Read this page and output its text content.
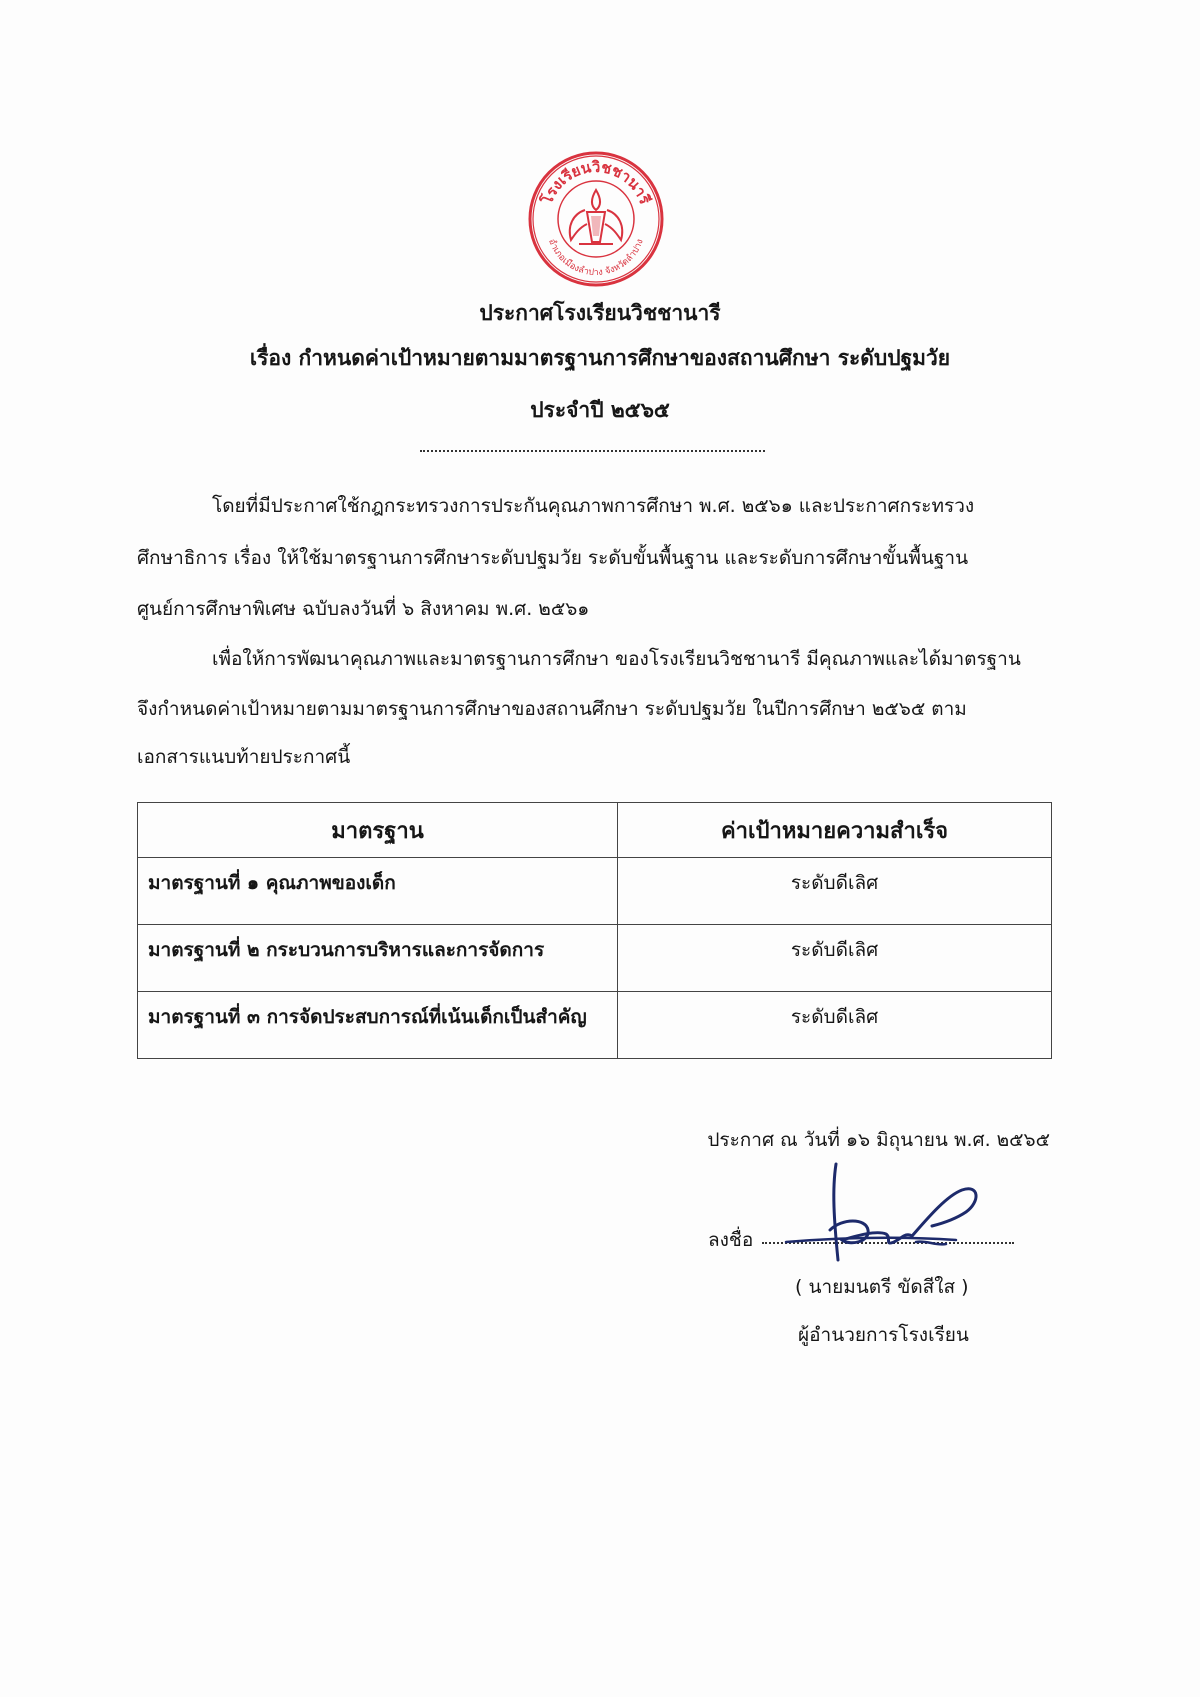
โรงเรียนวิชชานารี
อำเภอเมืองลำปาง จังหวัดลำปาง
ประกาศโรงเรียนวิชชานารี
เรื่อง กำหนดค่าเป้าหมายตามมาตรฐานการศึกษาของสถานศึกษา ระดับปฐมวัย
ประจำปี ๒๕๖๕
โดยที่มีประกาศใช้กฎกระทรวงการประกันคุณภาพการศึกษา พ.ศ. ๒๕๖๑ และประกาศกระทรวง
ศึกษาธิการ เรื่อง ให้ใช้มาตรฐานการศึกษาระดับปฐมวัย ระดับขั้นพื้นฐาน และระดับการศึกษาขั้นพื้นฐาน
ศูนย์การศึกษาพิเศษ ฉบับลงวันที่ ๖ สิงหาคม พ.ศ. ๒๕๖๑
เพื่อให้การพัฒนาคุณภาพและมาตรฐานการศึกษา ของโรงเรียนวิชชานารี มีคุณภาพและได้มาตรฐาน
จึงกำหนดค่าเป้าหมายตามมาตรฐานการศึกษาของสถานศึกษา ระดับปฐมวัย ในปีการศึกษา ๒๕๖๕ ตาม
เอกสารแนบท้ายประกาศนี้
มาตรฐาน	ค่าเป้าหมายความสำเร็จ
มาตรฐานที่ ๑ คุณภาพของเด็ก	ระดับดีเลิศ
มาตรฐานที่ ๒ กระบวนการบริหารและการจัดการ	ระดับดีเลิศ
มาตรฐานที่ ๓ การจัดประสบการณ์ที่เน้นเด็กเป็นสำคัญ	ระดับดีเลิศ
ประกาศ ณ วันที่ ๑๖ มิถุนายน พ.ศ. ๒๕๖๕
ลงชื่อ
( นายมนตรี ขัดสีใส )
ผู้อำนวยการโรงเรียน
